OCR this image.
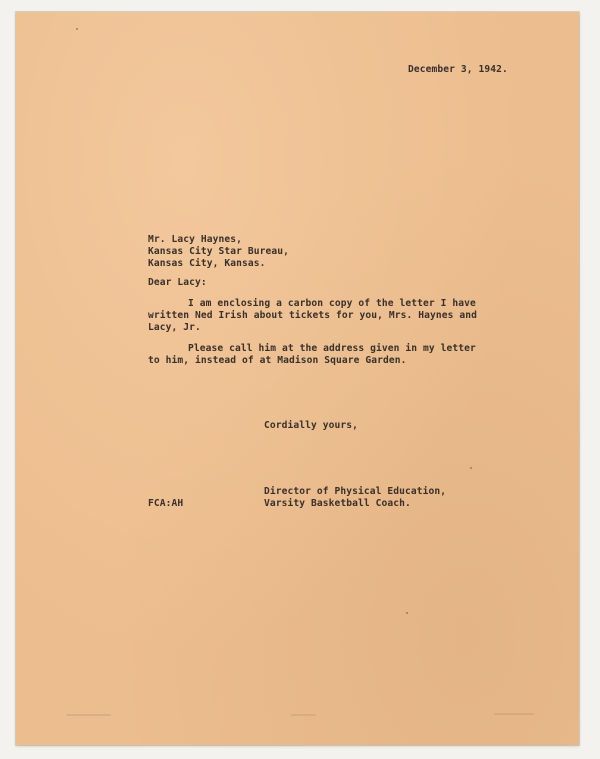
December 3, 1942.
Mr. Lacy Haynes,
Kansas City Star Bureau,
Kansas City, Kansas.
Dear Lacy:
I am enclosing a carbon copy of the letter I have
written Ned Irish about tickets for you, Mrs. Haynes and
Lacy, Jr.
Please call him at the address given in my letter
to him, instead of at Madison Square Garden.
Cordially yours,
Director of Physical Education,
Varsity Basketball Coach.
FCA:AH
